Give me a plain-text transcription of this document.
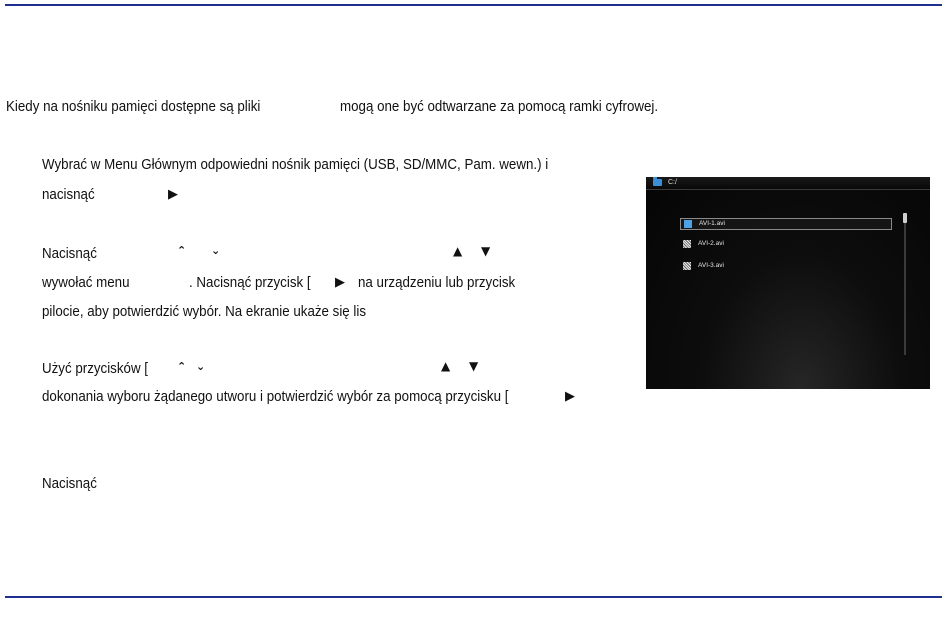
Kiedy na nośniku pamięci dostępne są pliki	mogą one być odtwarzane za pomocą ramki cyfrowej.
Wybrać w Menu Głównym odpowiedni nośnik pamięci (USB, SD/MMC, Pam. wewn.) i
nacisnąć	▶
Nacisnąć	⌃ ⌄	▲ ▼
wywołać menu	. Nacisnąć przycisk [ ▶ na urządzeniu lub przycisk
pilocie, aby potwierdzić wybór. Na ekranie ukaże się lis
Użyć przycisków [	⌃ ⌄	▲ ▼
dokonania wyboru żądanego utworu i potwierdzić wybór za pomocą przycisku [	▶
Nacisnąć
C:/
AVI-1.avi
AVI-2.avi
AVI-3.avi
